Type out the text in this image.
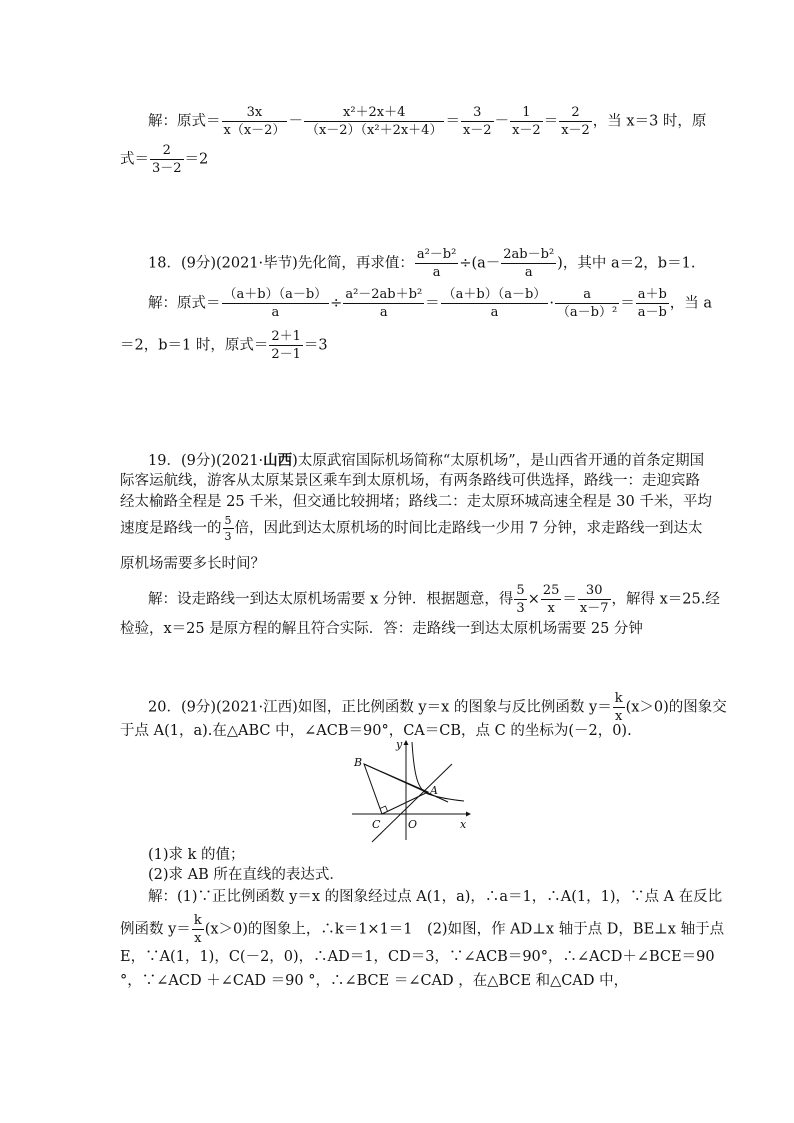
解：原式＝ $\frac{3x}{x(x-2)} - \frac{\text{x²＋2x＋4}}{\text{（x－2）（x²＋2x＋4）}} = \frac{3}{x-2} - \frac{1}{x-2} = \frac{2}{x-2}$ ，当 x＝3 时，原
式＝ $\frac{2}{3-2} =2$
18．(9分)(2021·毕节)先化简，再求值： $\frac{\text{a²－b²}}{a} \div(a- \frac{\text{2ab－b²}}{a}$ )，其中 a＝2，b＝1.
解：原式＝ $\frac{(a+b)(a-b)}{a} \div \frac{\text{a²－2ab＋b²}}{a} = \frac{(a+b)(a-b)}{a} \cdot \frac{a}{\text{（a－b）²}} = \frac{a+b}{a-b}$ ，当 a
＝2，b＝1 时，原式＝ $\frac{2+1}{2-1} =3$
19．(9分)(2021·山西)太原武宿国际机场简称“太原机场”，是山西省开通的首条定期国
际客运航线，游客从太原某景区乘车到太原机场，有两条路线可供选择，路线一：走迎宾路
经太榆路全程是 25 千米，但交通比较拥堵；路线二：走太原环城高速全程是 30 千米，平均
速度是路线一的 $\frac{5}{3}$ 倍，因此到达太原机场的时间比走路线一少用 7 分钟，求走路线一到达太
原机场需要多长时间？
解：设走路线一到达太原机场需要 x 分钟．根据题意，得 $\frac{5}{3} \times \frac{25}{x} = \frac{30}{x-7}$ ，解得 x＝25.经
检验，x＝25 是原方程的解且符合实际．答：走路线一到达太原机场需要 25 分钟
20．(9分)(2021·江西)如图，正比例函数 y＝x 的图象与反比例函数 $y= \frac{k}{x} (x>0)$的图象交
于点 A(1，a).在△ABC 中，∠ACB＝90°，CA＝CB，点 C 的坐标为(－2，0).
y
x
B
A
C	O
(1)求 k 的值；
(2)求 AB 所在直线的表达式．
解：(1)∵正比例函数 y＝x 的图象经过点 A(1，a)，∴a＝1，∴A(1，1)，∵点 A 在反比
例函数 $y= \frac{k}{x} (x>0)$的图象上，∴k＝1×1＝1　(2)如图，作 AD⊥x 轴于点 D，BE⊥x 轴于点
E，∵A(1，1)，C(－2，0)，∴AD＝1，CD＝3，∵∠ACB＝90°，∴∠ACD＋∠BCE＝90
°，∵∠ACD ＋∠CAD ＝90 °，∴∠BCE ＝∠CAD ，在△BCE 和△CAD 中，
